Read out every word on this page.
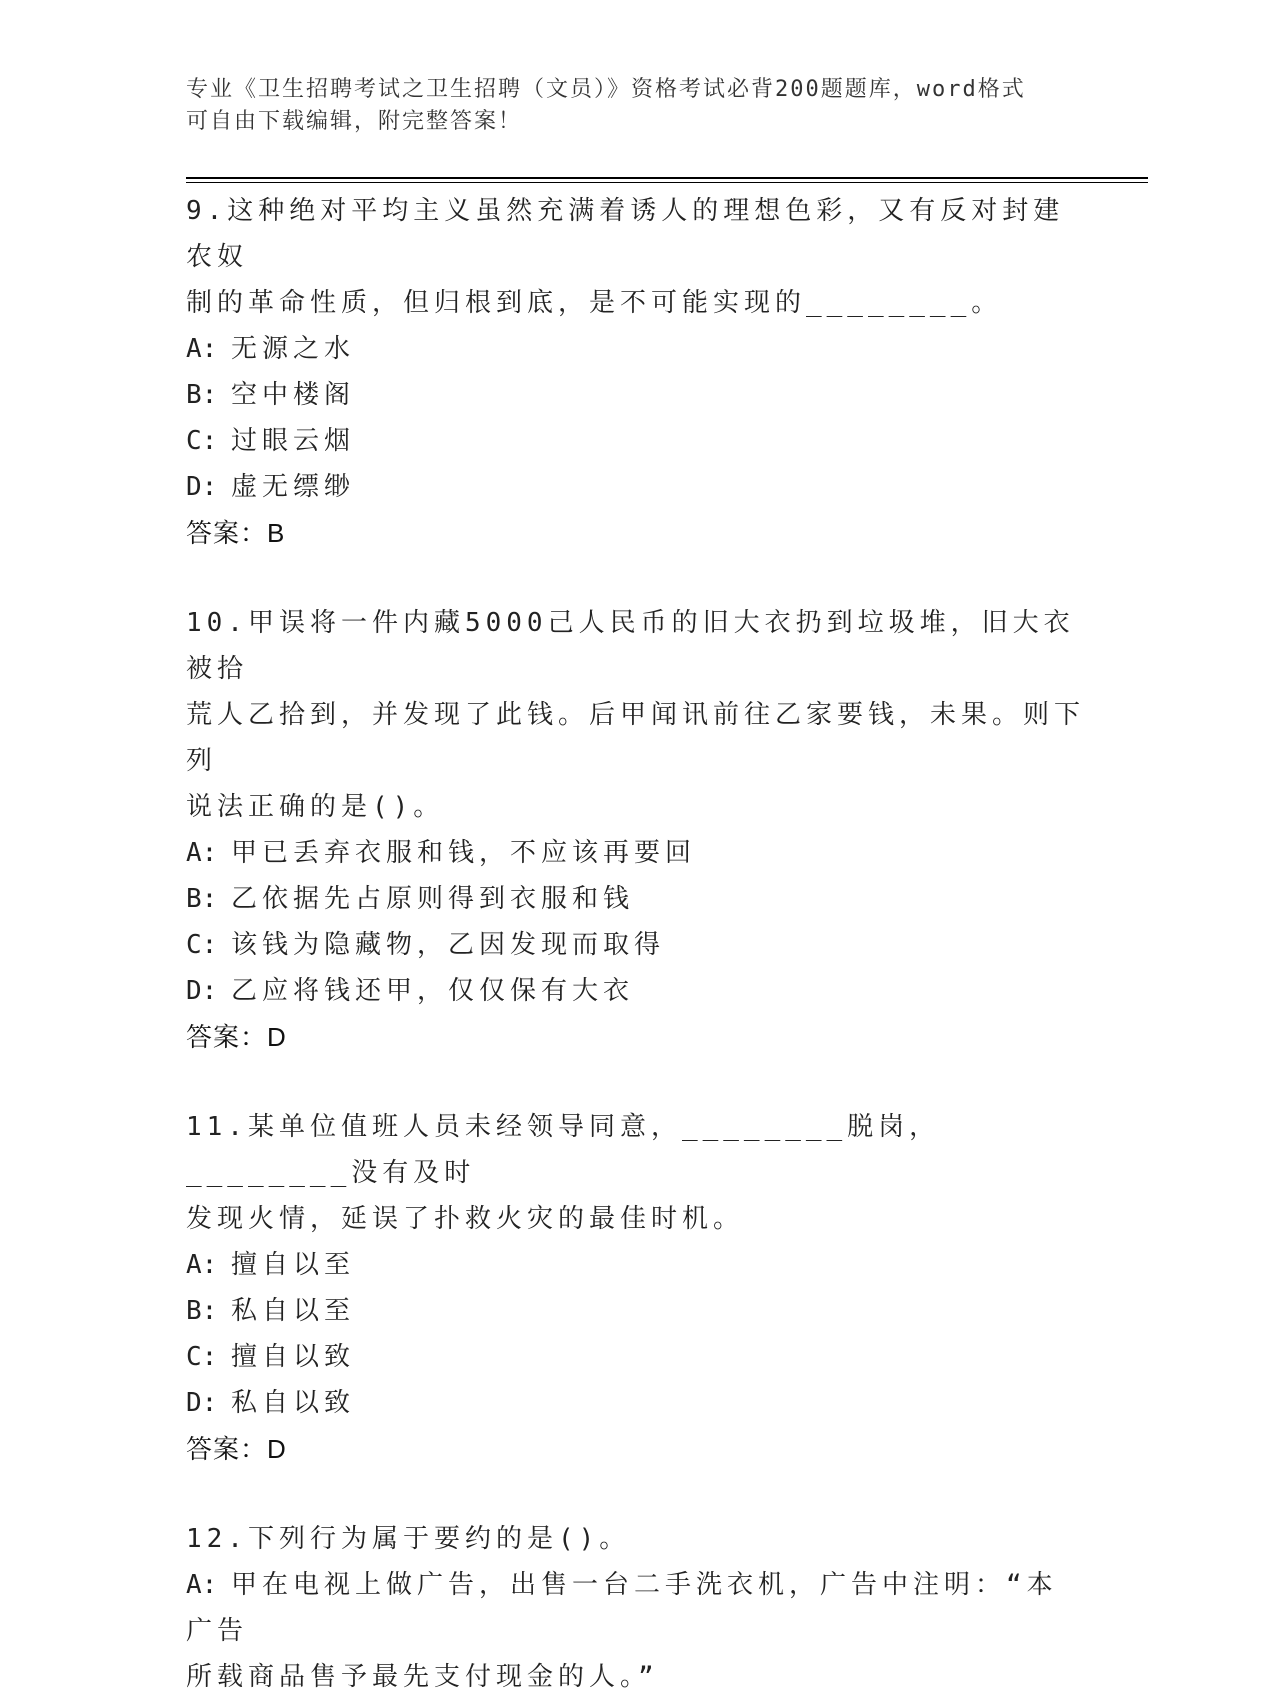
专业《卫生招聘考试之卫生招聘（文员）》资格考试必背200题题库，word格式
可自由下载编辑，附完整答案！
9.这种绝对平均主义虽然充满着诱人的理想色彩，又有反对封建农奴
制的革命性质，但归根到底，是不可能实现的________。
A: 无源之水
B: 空中楼阁
C: 过眼云烟
D: 虚无缥缈
答案：B
10.甲误将一件内藏5000己人民币的旧大衣扔到垃圾堆，旧大衣被拾
荒人乙拾到，并发现了此钱。后甲闻讯前往乙家要钱，未果。则下列
说法正确的是()。
A: 甲已丢弃衣服和钱，不应该再要回
B: 乙依据先占原则得到衣服和钱
C: 该钱为隐藏物，乙因发现而取得
D: 乙应将钱还甲，仅仅保有大衣
答案：D
11.某单位值班人员未经领导同意，________脱岗，________没有及时
发现火情，延误了扑救火灾的最佳时机。
A: 擅自以至
B: 私自以至
C: 擅自以致
D: 私自以致
答案：D
12.下列行为属于要约的是()。
A: 甲在电视上做广告，出售一台二手洗衣机，广告中注明：“本广告
所载商品售予最先支付现金的人。”
